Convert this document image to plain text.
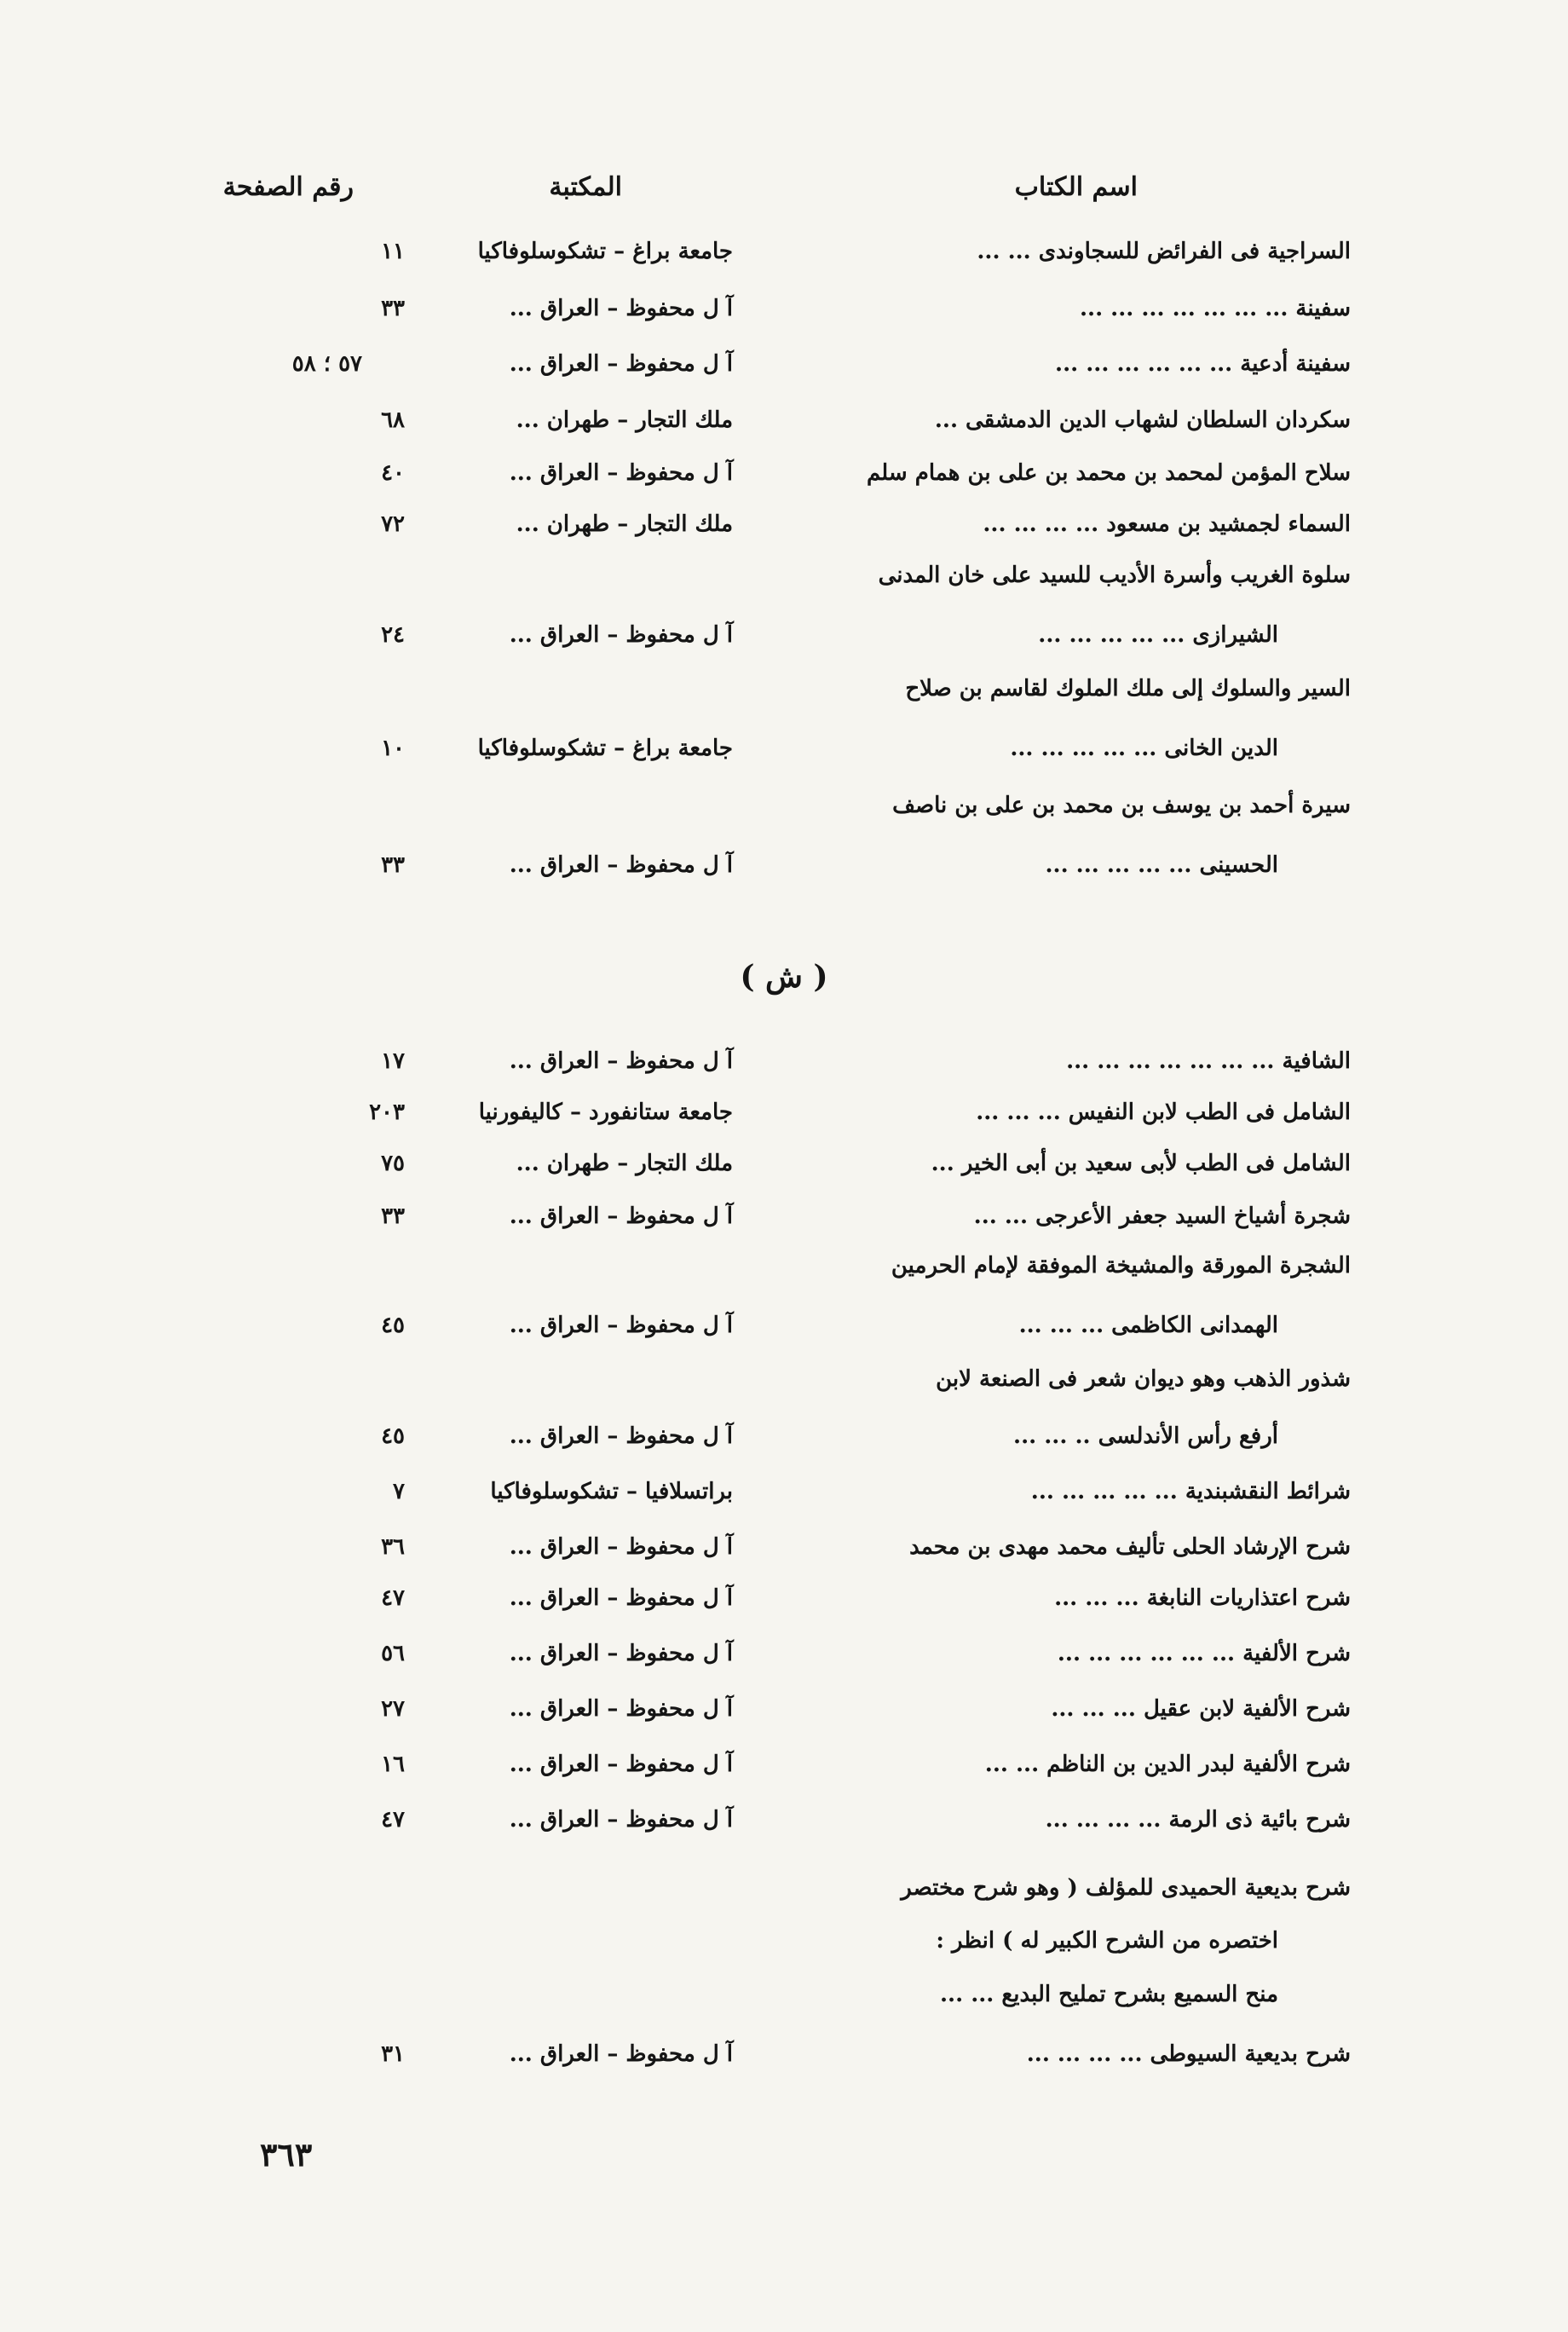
اسم الكتاب
المكتبة
رقم الصفحة
السراجية فى الفرائض للسجاوندى ... ...
جامعة براغ – تشكوسلوفاكيا
١١
سفينة ... ... ... ... ... ... ...
آ ل محفوظ – العراق ...
٣٣
سفينة أدعية ... ... ... ... ... ...
آ ل محفوظ – العراق ...
٥٧ ؛ ٥٨
سكردان السلطان لشهاب الدين الدمشقى ...
ملك التجار – طهران ...
٦٨
سلاح المؤمن لمحمد بن محمد بن على بن همام سلم
آ ل محفوظ – العراق ...
٤٠
السماء لجمشيد بن مسعود ... ... ... ...
ملك التجار – طهران ...
٧٢
سلوة الغريب وأسرة الأديب للسيد على خان المدنى
الشيرازى ... ... ... ... ...
آ ل محفوظ – العراق ...
٢٤
السير والسلوك إلى ملك الملوك لقاسم بن صلاح
الدين الخانى ... ... ... ... ...
جامعة براغ – تشكوسلوفاكيا
١٠
سيرة أحمد بن يوسف بن محمد بن على بن ناصف
الحسينى ... ... ... ... ...
آ ل محفوظ – العراق ...
٣٣
( ش )
الشافية ... ... ... ... ... ... ...
آ ل محفوظ – العراق ...
١٧
الشامل فى الطب لابن النفيس ... ... ...
جامعة ستانفورد – كاليفورنيا
٢٠٣
الشامل فى الطب لأبى سعيد بن أبى الخير ...
ملك التجار – طهران ...
٧٥
شجرة أشياخ السيد جعفر الأعرجى ... ...
آ ل محفوظ – العراق ...
٣٣
الشجرة المورقة والمشيخة الموفقة لإمام الحرمين
الهمدانى الكاظمى ... ... ...
آ ل محفوظ – العراق ...
٤٥
شذور الذهب وهو ديوان شعر فى الصنعة لابن
أرفع رأس الأندلسى .. ... ...
آ ل محفوظ – العراق ...
٤٥
شرائط النقشبندية ... ... ... ... ...
براتسلافيا – تشكوسلوفاكيا
٧
شرح الإرشاد الحلى تأليف محمد مهدى بن محمد
آ ل محفوظ – العراق ...
٣٦
شرح اعتذاريات النابغة ... ... ...
آ ل محفوظ – العراق ...
٤٧
شرح الألفية ... ... ... ... ... ...
آ ل محفوظ – العراق ...
٥٦
شرح الألفية لابن عقيل ... ... ...
آ ل محفوظ – العراق ...
٢٧
شرح الألفية لبدر الدين بن الناظم ... ...
آ ل محفوظ – العراق ...
١٦
شرح بائية ذى الرمة ... ... ... ...
آ ل محفوظ – العراق ...
٤٧
شرح بديعية الحميدى للمؤلف ( وهو شرح مختصر
اختصره من الشرح الكبير له ) انظر :
منح السميع بشرح تمليح البديع ... ...
شرح بديعية السيوطى ... ... ... ...
آ ل محفوظ – العراق ...
٣١
٣٦٣
